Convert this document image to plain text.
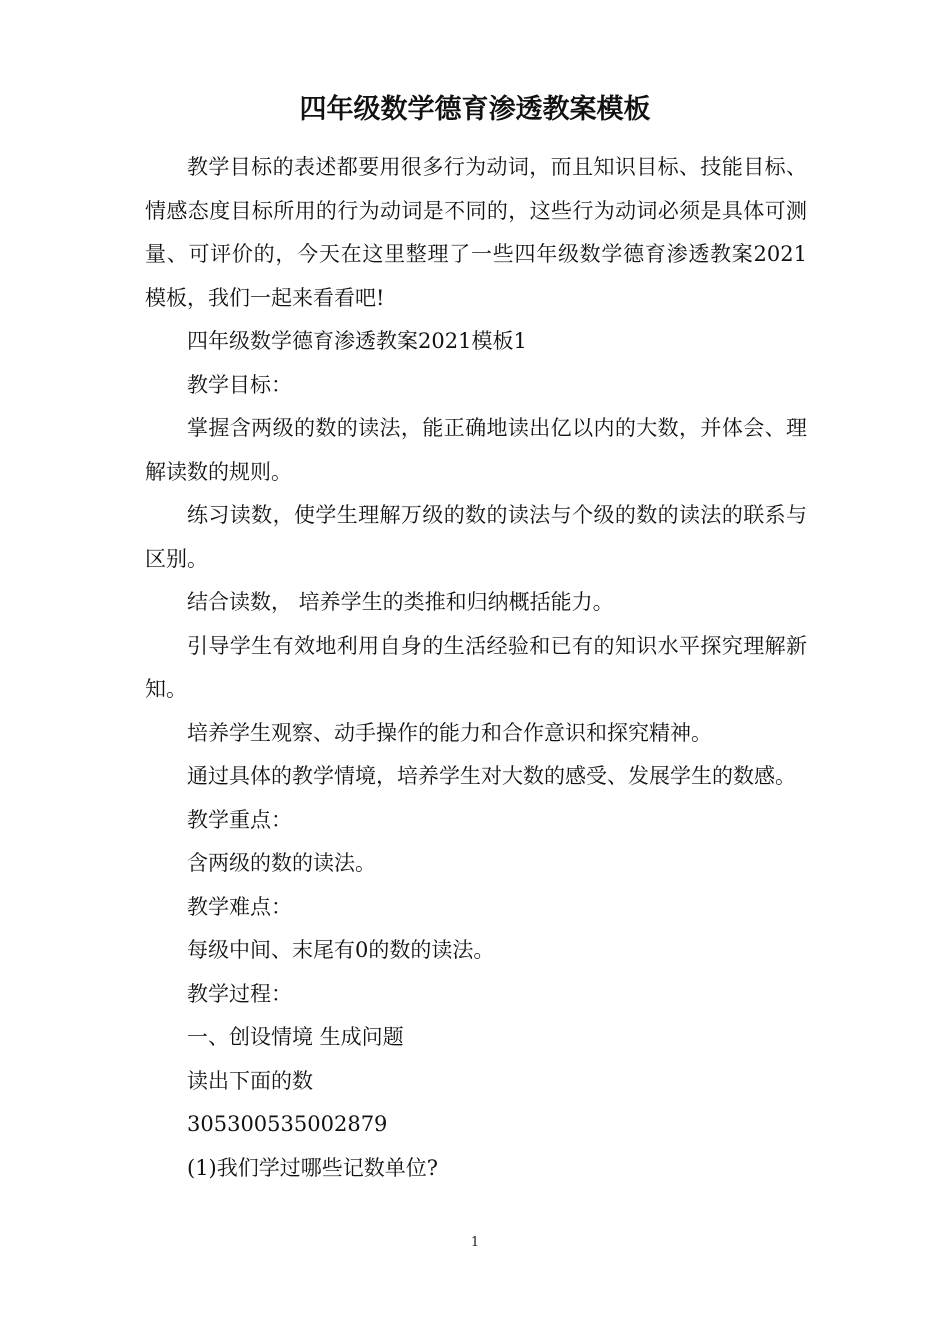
四年级数学德育渗透教案模板

教学目标的表述都要用很多行为动词，而且知识目标、技能目标、情感态度目标所用的行为动词是不同的，这些行为动词必须是具体可测量、可评价的，今天在这里整理了一些四年级数学德育渗透教案2021模板，我们一起来看看吧!

四年级数学德育渗透教案2021模板1

教学目标：

掌握含两级的数的读法，能正确地读出亿以内的大数，并体会、理解读数的规则。

练习读数，使学生理解万级的数的读法与个级的数的读法的联系与区别。

结合读数， 培养学生的类推和归纳概括能力。

引导学生有效地利用自身的生活经验和已有的知识水平探究理解新知。

培养学生观察、动手操作的能力和合作意识和探究精神。

通过具体的教学情境，培养学生对大数的感受、发展学生的数感。

教学重点：

含两级的数的读法。

教学难点：

每级中间、末尾有0的数的读法。

教学过程：

一、创设情境 生成问题

读出下面的数

305300535002879

(1)我们学过哪些记数单位?

1
